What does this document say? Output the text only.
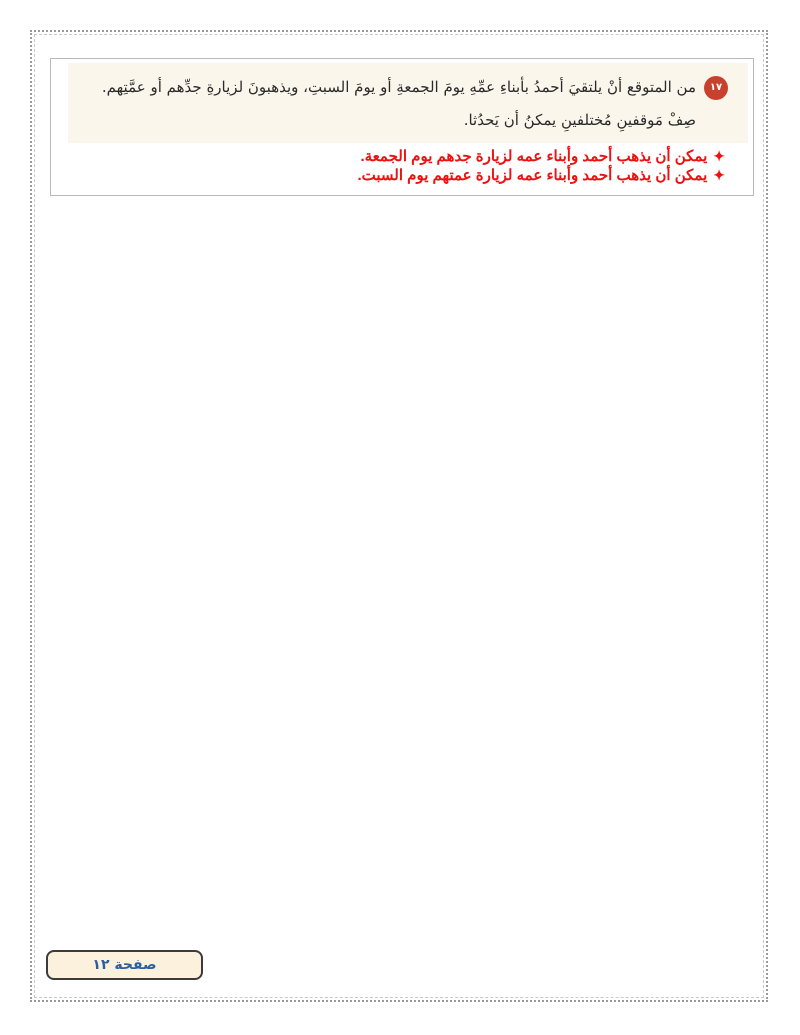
١٧
من المتوقع أنْ يلتقيَ أحمدُ بأبناءِ عمِّهِ يومَ الجمعةِ أو يومَ السبتِ، ويذهبونَ لزيارةِ جدِّهم أو عمَّتِهم.
صِفْ مَوقفينِ مُختلفينِ يمكنُ أن يَحدُثا.
✦يمكن أن يذهب أحمد وأبناء عمه لزيارة جدهم يوم الجمعة.
✦يمكن أن يذهب أحمد وأبناء عمه لزيارة عمتهم يوم السبت.
صفحة ١٢
